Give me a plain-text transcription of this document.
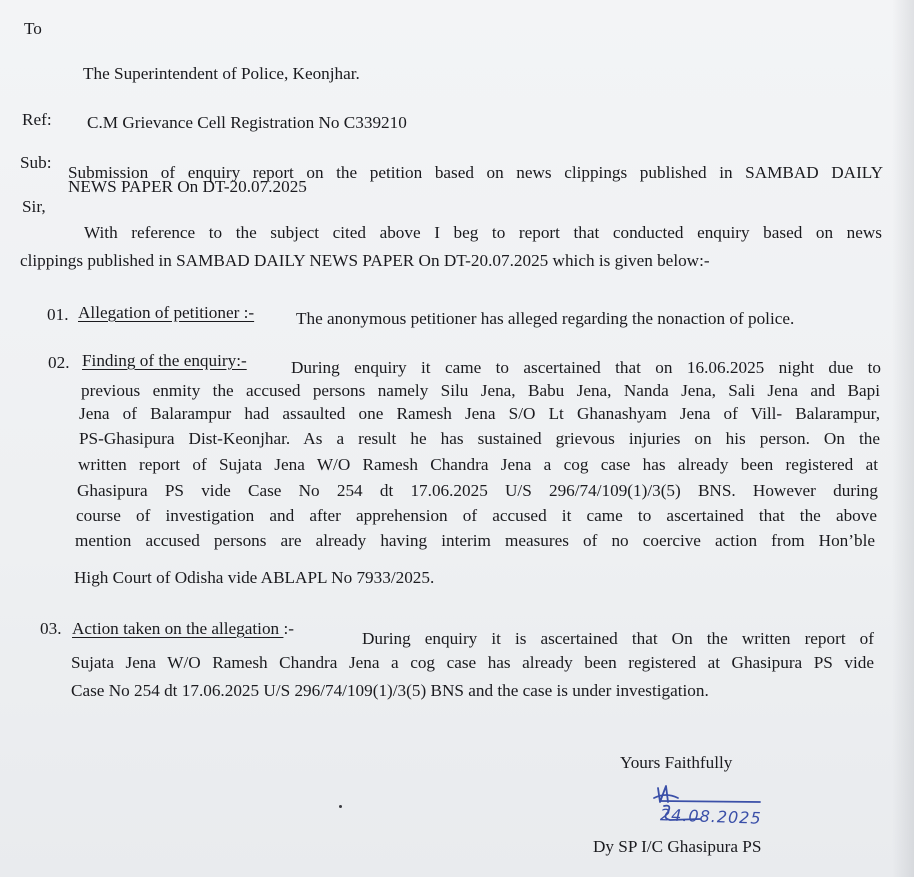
To
The Superintendent of Police, Keonjhar.
Ref: C.M Grievance Cell Registration No C339210
Sub:
Submission of enquiry report on the petition based on news clippings published in SAMBAD DAILY
NEWS PAPER On DT-20.07.2025
Sir,
With reference to the subject cited above I beg to report that conducted enquiry based on news
clippings published in SAMBAD DAILY NEWS PAPER On DT-20.07.2025 which is given below:-
01. Allegation of petitioner :- The anonymous petitioner has alleged regarding the nonaction of police.
02. Finding of the enquiry:-	During enquiry it came to ascertained that on 16.06.2025 night due to
previous enmity the accused persons namely Silu Jena, Babu Jena, Nanda Jena, Sali Jena and Bapi
Jena of Balarampur had assaulted one Ramesh Jena S/O Lt Ghanashyam Jena of Vill- Balarampur,
PS-Ghasipura Dist-Keonjhar. As a result he has sustained grievous injuries on his person. On the
written report of Sujata Jena W/O Ramesh Chandra Jena a cog case has already been registered at
Ghasipura PS vide Case No 254 dt 17.06.2025 U/S 296/74/109(1)/3(5) BNS. However during
course of investigation and after apprehension of accused it came to ascertained that the above
mention accused persons are already having interim measures of no coercive action from Hon’ble
High Court of Odisha vide ABLAPL No 7933/2025.
03. Action taken on the allegation :-
During enquiry it is ascertained that On the written report of
Sujata Jena W/O Ramesh Chandra Jena a cog case has already been registered at Ghasipura PS vide
Case No 254 dt 17.06.2025 U/S 296/74/109(1)/3(5) BNS and the case is under investigation.
Yours Faithfully
24.08.2025
Dy SP I/C Ghasipura PS
